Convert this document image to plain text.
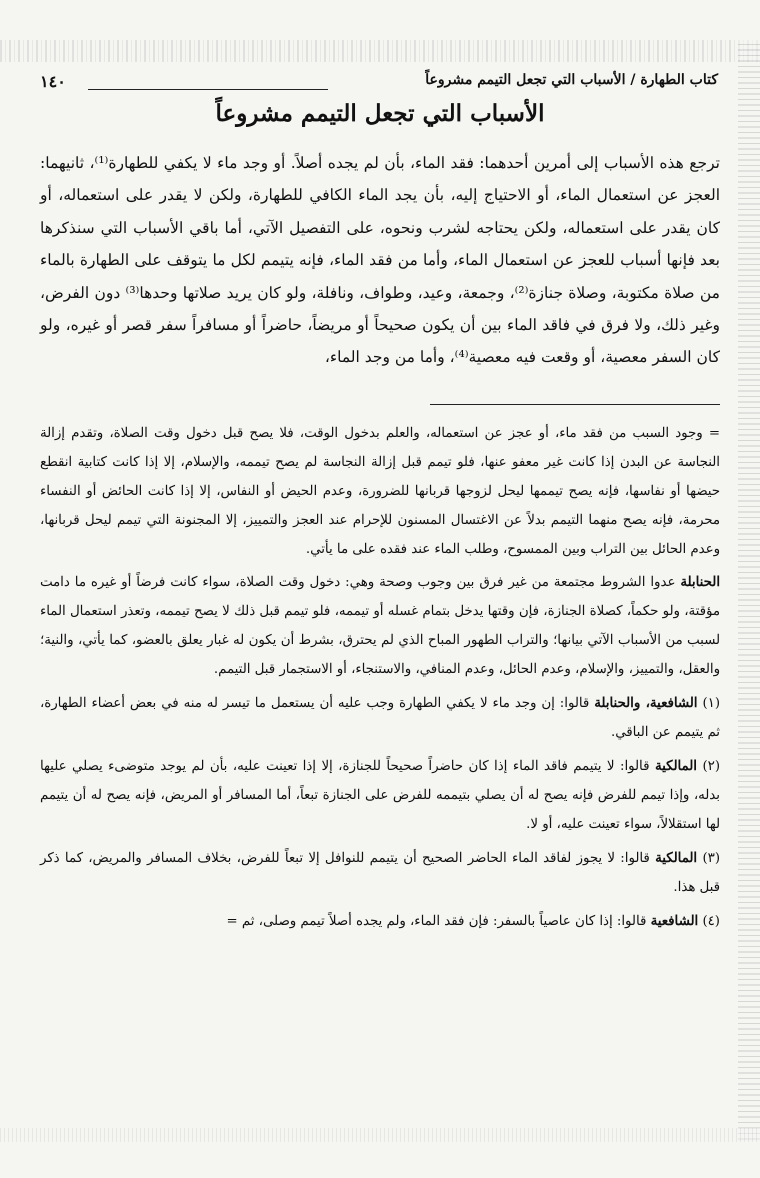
كتاب الطهارة / الأسباب التي تجعل التيمم مشروعاً
١٤٠
الأسباب التي تجعل التيمم مشروعاً

ترجع هذه الأسباب إلى أمرين أحدهما: فقد الماء، بأن لم يجده أصلاً. أو وجد ماء لا يكفي للطهارة⁽¹⁾، ثانيهما: العجز عن استعمال الماء، أو الاحتياج إليه، بأن يجد الماء الكافي للطهارة، ولكن لا يقدر على استعماله، أو كان يقدر على استعماله، ولكن يحتاجه لشرب ونحوه، على التفصيل الآتي، أما باقي الأسباب التي سنذكرها بعد فإنها أسباب للعجز عن استعمال الماء، وأما من فقد الماء، فإنه يتيمم لكل ما يتوقف على الطهارة بالماء من صلاة مكتوبة، وصلاة جنازة⁽²⁾، وجمعة، وعيد، وطواف، ونافلة، ولو كان يريد صلاتها وحدها⁽³⁾ دون الفرض، وغير ذلك، ولا فرق في فاقد الماء بين أن يكون صحيحاً أو مريضاً، حاضراً أو مسافراً سفر قصر أو غيره، ولو كان السفر معصية، أو وقعت فيه معصية⁽⁴⁾، وأما من وجد الماء،

= وجود السبب من فقد ماء، أو عجز عن استعماله، والعلم بدخول الوقت، فلا يصح قبل دخول وقت الصلاة، وتقدم إزالة النجاسة عن البدن إذا كانت غير معفو عنها، فلو تيمم قبل إزالة النجاسة لم يصح تيممه، والإسلام، إلا إذا كانت كتابية انقطع حيضها أو نفاسها، فإنه يصح تيممها ليحل لزوجها قربانها للضرورة، وعدم الحيض أو النفاس، إلا إذا كانت الحائض أو النفساء محرمة، فإنه يصح منهما التيمم بدلاً عن الاغتسال المسنون للإحرام عند العجز والتمييز، إلا المجنونة التي تيمم ليحل قربانها، وعدم الحائل بين التراب وبين الممسوح، وطلب الماء عند فقده على ما يأتي.

الحنابلة عدوا الشروط مجتمعة من غير فرق بين وجوب وصحة وهي: دخول وقت الصلاة، سواء كانت فرضاً أو غيره ما دامت مؤقتة، ولو حكماً، كصلاة الجنازة، فإن وقتها يدخل بتمام غسله أو تيممه، فلو تيمم قبل ذلك لا يصح تيممه، وتعذر استعمال الماء لسبب من الأسباب الآتي بيانها؛ والتراب الطهور المباح الذي لم يحترق، بشرط أن يكون له غبار يعلق بالعضو، كما يأتي، والنية؛ والعقل، والتمييز، والإسلام، وعدم الحائل، وعدم المنافي، والاستنجاء، أو الاستجمار قبل التيمم.

(١) الشافعية، والحنابلة قالوا: إن وجد ماء لا يكفي الطهارة وجب عليه أن يستعمل ما تيسر له منه في بعض أعضاء الطهارة، ثم يتيمم عن الباقي.

(٢) المالكية قالوا: لا يتيمم فاقد الماء إذا كان حاضراً صحيحاً للجنازة، إلا إذا تعينت عليه، بأن لم يوجد متوضىء يصلي عليها بدله، وإذا تيمم للفرض فإنه يصح له أن يصلي بتيممه للفرض على الجنازة تبعاً، أما المسافر أو المريض، فإنه يصح له أن يتيمم لها استقلالاً، سواء تعينت عليه، أو لا.

(٣) المالكية قالوا: لا يجوز لفاقد الماء الحاضر الصحيح أن يتيمم للنوافل إلا تبعاً للفرض، بخلاف المسافر والمريض، كما ذكر قبل هذا.

(٤) الشافعية قالوا: إذا كان عاصياً بالسفر: فإن فقد الماء، ولم يجده أصلاً تيمم وصلى، ثم =
